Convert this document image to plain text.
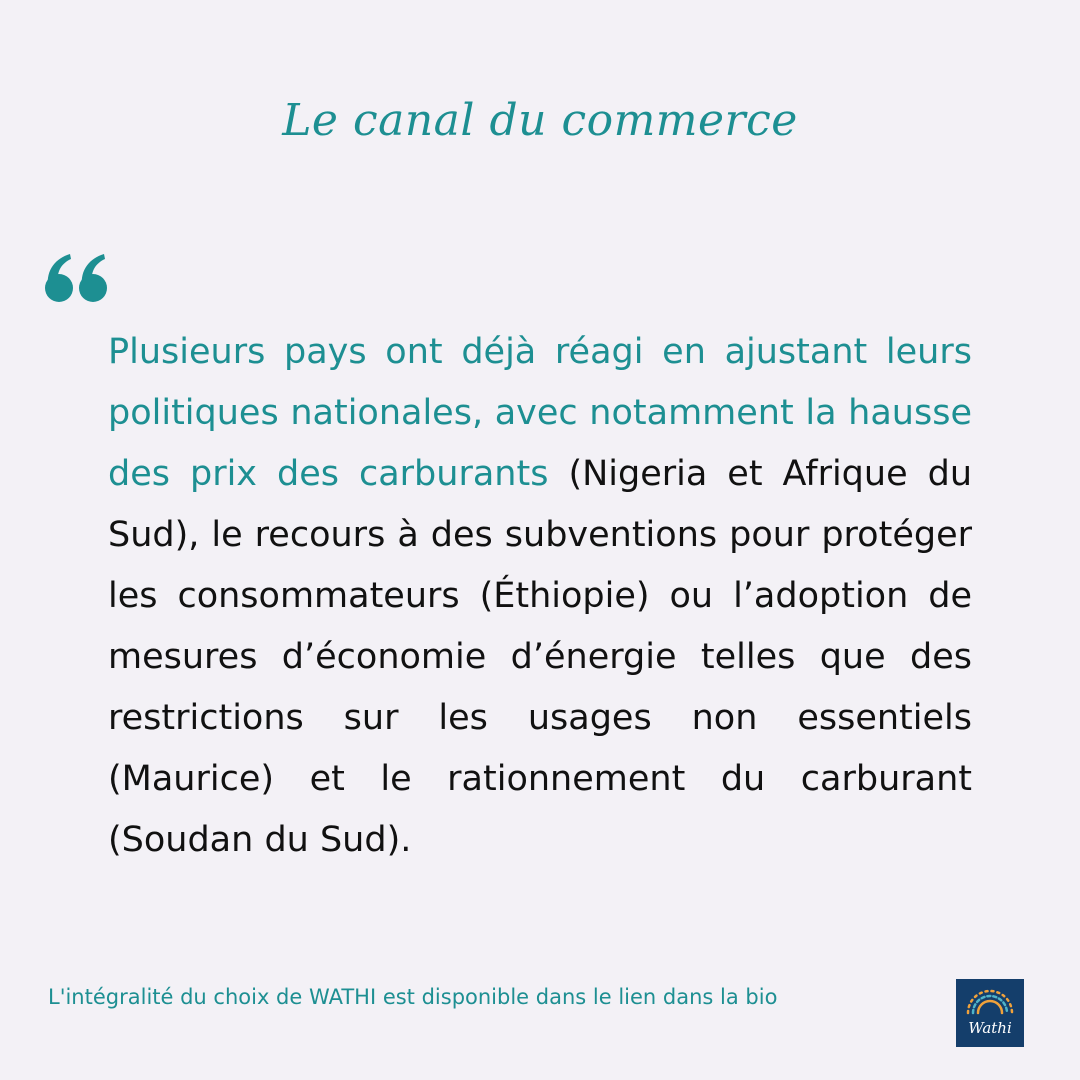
Le canal du commerce
Plusieurs pays ont déjà réagi en ajustant leurs politiques nationales, avec notamment la hausse des prix des carburants (Nigeria et Afrique du Sud), le recours à des subventions pour protéger les consommateurs (Éthiopie) ou l’adoption de mesures d’économie d’énergie telles que des restrictions sur les usages non essentiels (Maurice) et le rationnement du carburant (Soudan du Sud).
L'intégralité du choix de WATHI est disponible dans le lien dans la bio
Wathi
